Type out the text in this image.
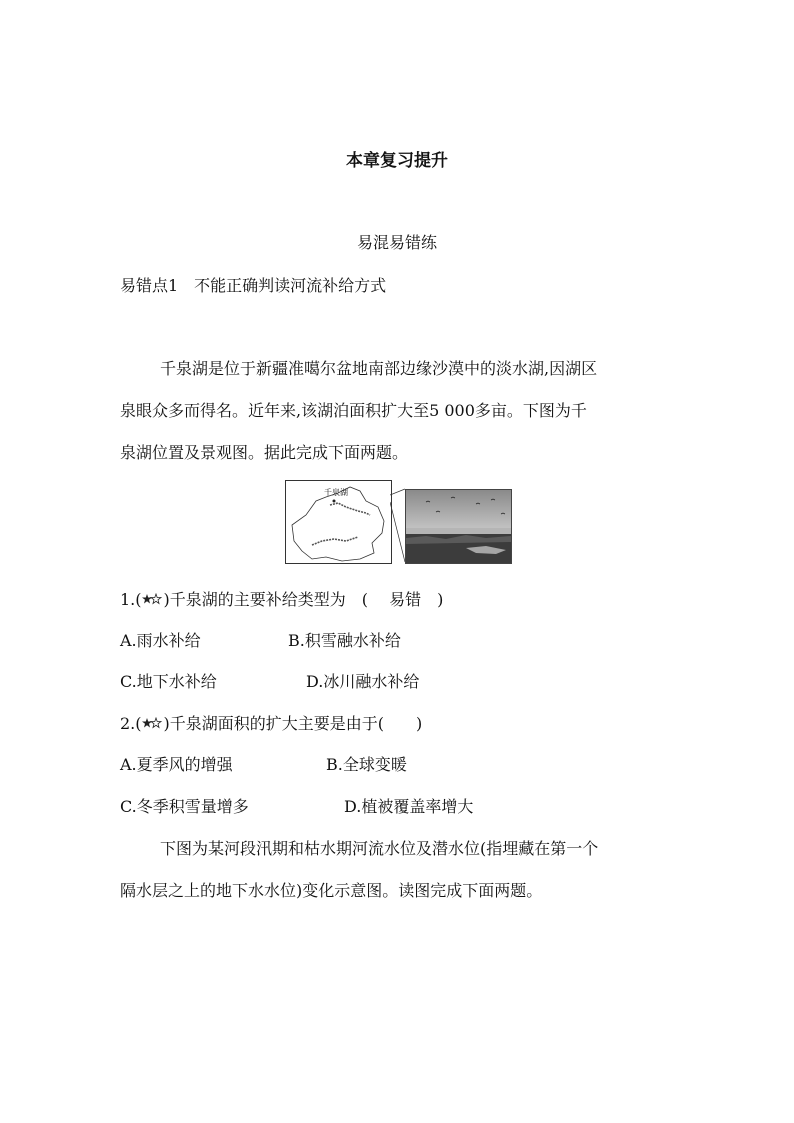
本章复习提升
易混易错练
易错点1　不能正确判读河流补给方式
千泉湖是位于新疆准噶尔盆地南部边缘沙漠中的淡水湖,因湖区
泉眼众多而得名。近年来,该湖泊面积扩大至5 000多亩。下图为千
泉湖位置及景观图。据此完成下面两题。
千泉湖
1.( )千泉湖的主要补给类型为　(　 易错　)
A.雨水补给	B.积雪融水补给
C.地下水补给	D.冰川融水补给
2.( )千泉湖面积的扩大主要是由于(　　)
A.夏季风的增强	B.全球变暖
C.冬季积雪量增多	D.植被覆盖率增大
下图为某河段汛期和枯水期河流水位及潜水位(指埋藏在第一个
隔水层之上的地下水水位)变化示意图。读图完成下面两题。
